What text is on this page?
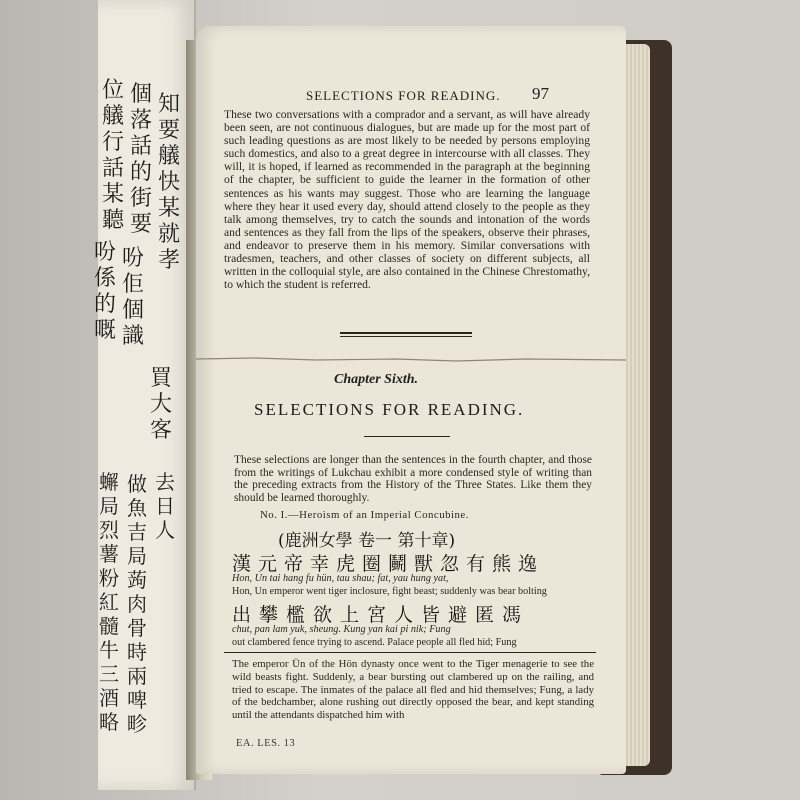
位艤行話某聽
個落話的街要
知要艤快某就孝
吩係的嘅
吩佢個識
買大客
蠏局烈薯粉紅髓牛三酒略
做魚吉局蒟肉骨時兩啤畛
去日人
SELECTIONS FOR READING. 97
These two conversations with a comprador and a servant, as will have already been seen, are not continuous dialogues, but are made up for the most part of such leading questions as are most likely to be needed by persons employing such domestics, and also to a great degree in intercourse with all classes. They will, it is hoped, if learned as recommended in the paragraph at the beginning of the chapter, be sufficient to guide the learner in the formation of other sentences as his wants may suggest. Those who are learning the language where they hear it used every day, should attend closely to the people as they talk among themselves, try to catch the sounds and intonation of the words and sentences as they fall from the lips of the speakers, observe their phrases, and endeavor to preserve them in his memory. Similar conversations with tradesmen, teachers, and other classes of society on different subjects, all written in the colloquial style, are also contained in the Chinese Chrestomathy, to which the student is referred.
Chapter Sixth.
SELECTIONS FOR READING.
These selections are longer than the sentences in the fourth chapter, and those from the writings of Lukchau exhibit a more condensed style of writing than the preceding extracts from the History of the Three States. Like them they should be learned thoroughly.
No. I.—Heroism of an Imperial Concubine.
(鹿洲女學 卷一 第十章)
漢元帝幸虎圈鬭獸忽有熊逸
Hon, Un tai hang fu hün, tau shau; fat, yau hung yat,
Hon, Un emperor went tiger inclosure, fight beast; suddenly was bear bolting
出攀檻欲上宮人皆避匿馮
chut, pan lam yuk, sheung. Kung yan kai pi nik; Fung
out clambered fence trying to ascend. Palace people all fled hid; Fung
The emperor Ün of the Hön dynasty once went to the Tiger menagerie to see the wild beasts fight. Suddenly, a bear bursting out clambered up on the railing, and tried to escape. The inmates of the palace all fled and hid themselves; Fung, a lady of the bedchamber, alone rushing out directly opposed the bear, and kept standing until the attendants dispatched him with
EA. LES. 13
